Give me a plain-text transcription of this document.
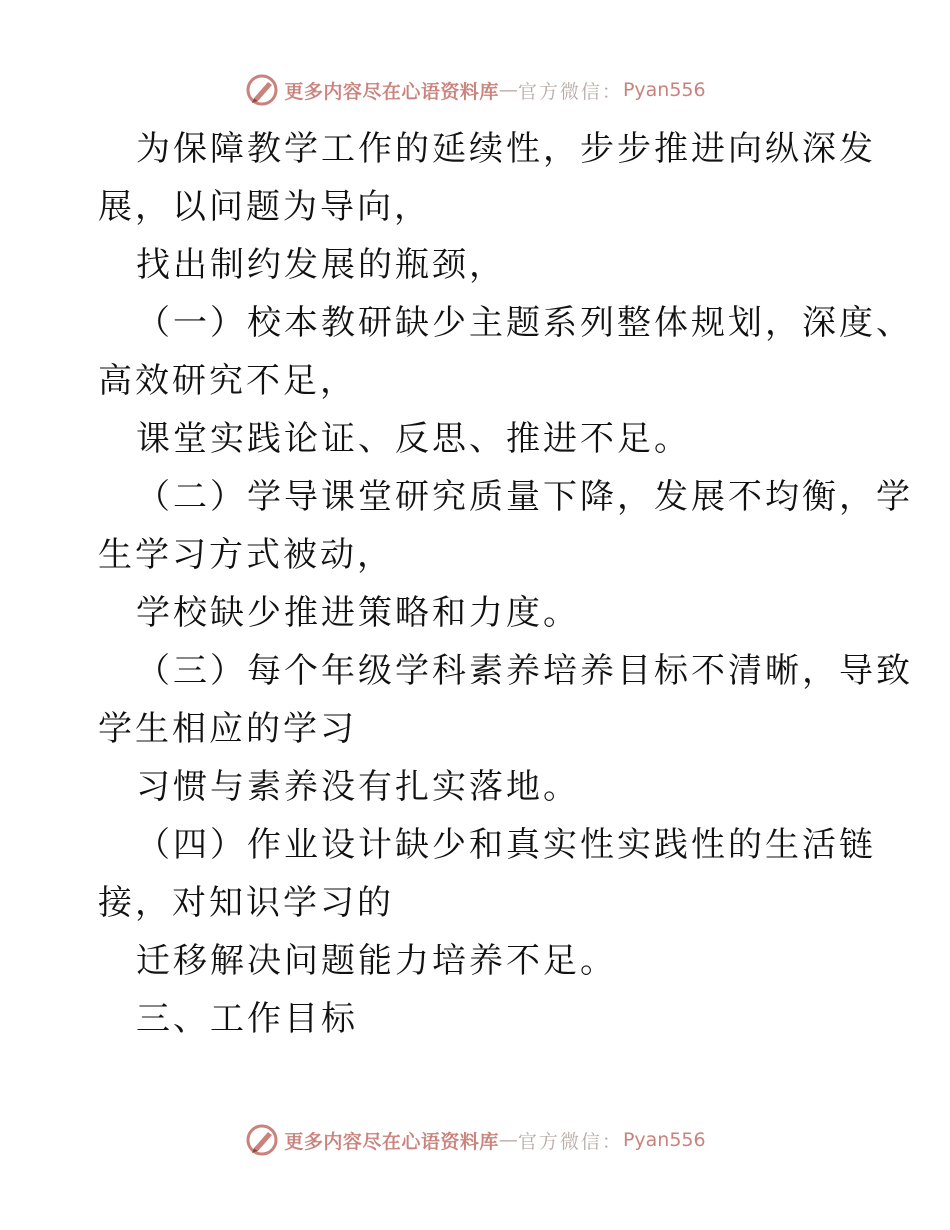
更多内容尽在心语资料库 — 官方微信： Pyan556
为保障教学工作的延续性，步步推进向纵深发
展，以问题为导向，
找出制约发展的瓶颈，
（一）校本教研缺少主题系列整体规划，深度、
高效研究不足，
课堂实践论证、反思、推进不足。
（二）学导课堂研究质量下降，发展不均衡，学
生学习方式被动，
学校缺少推进策略和力度。
（三）每个年级学科素养培养目标不清晰，导致
学生相应的学习
习惯与素养没有扎实落地。
（四）作业设计缺少和真实性实践性的生活链
接，对知识学习的
迁移解决问题能力培养不足。
三、工作目标
更多内容尽在心语资料库 — 官方微信： Pyan556
